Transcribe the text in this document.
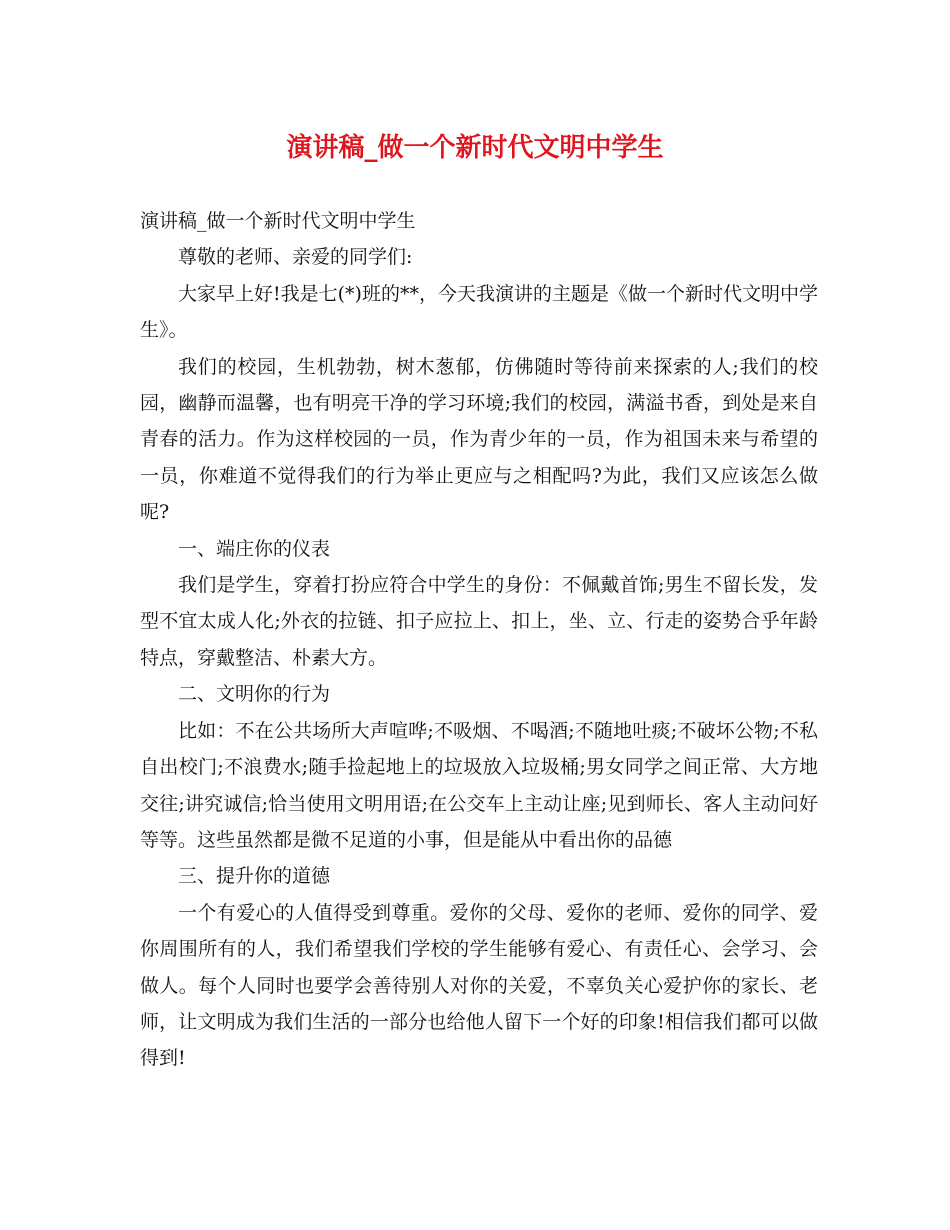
演讲稿_做一个新时代文明中学生

演讲稿_做一个新时代文明中学生

尊敬的老师、亲爱的同学们:

大家早上好!我是七(*)班的**，今天我演讲的主题是《做一个新时代文明中学生》。

我们的校园，生机勃勃，树木葱郁，仿佛随时等待前来探索的人;我们的校园，幽静而温馨，也有明亮干净的学习环境;我们的校园，满溢书香，到处是来自青春的活力。作为这样校园的一员，作为青少年的一员，作为祖国未来与希望的一员，你难道不觉得我们的行为举止更应与之相配吗?为此，我们又应该怎么做呢?

一、端庄你的仪表

我们是学生，穿着打扮应符合中学生的身份：不佩戴首饰;男生不留长发，发型不宜太成人化;外衣的拉链、扣子应拉上、扣上，坐、立、行走的姿势合乎年龄特点，穿戴整洁、朴素大方。

二、文明你的行为

比如：不在公共场所大声喧哗;不吸烟、不喝酒;不随地吐痰;不破坏公物;不私自出校门;不浪费水;随手捡起地上的垃圾放入垃圾桶;男女同学之间正常、大方地交往;讲究诚信;恰当使用文明用语;在公交车上主动让座;见到师长、客人主动问好等等。这些虽然都是微不足道的小事，但是能从中看出你的品德

三、提升你的道德

一个有爱心的人值得受到尊重。爱你的父母、爱你的老师、爱你的同学、爱你周围所有的人，我们希望我们学校的学生能够有爱心、有责任心、会学习、会做人。每个人同时也要学会善待别人对你的关爱，不辜负关心爱护你的家长、老师，让文明成为我们生活的一部分也给他人留下一个好的印象!相信我们都可以做得到!
